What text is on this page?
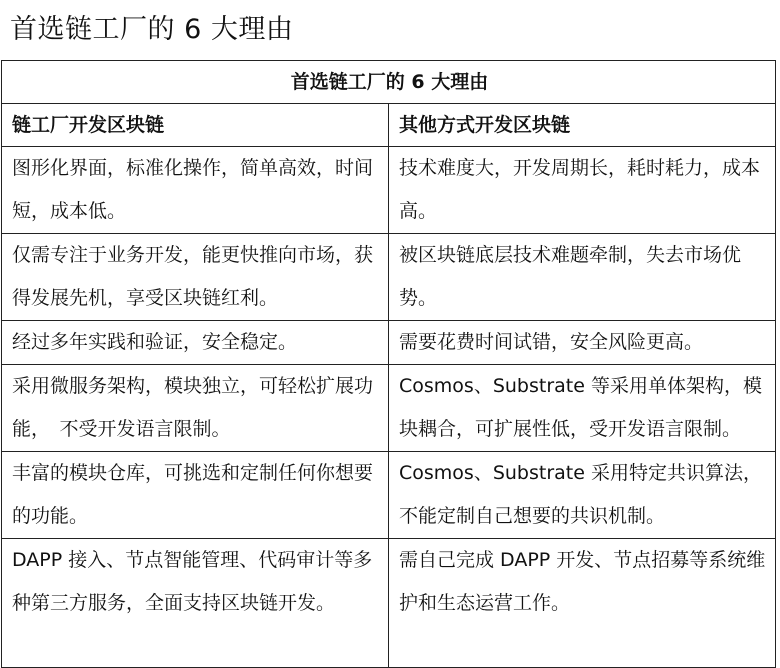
首选链工厂的 6 大理由
首选链工厂的 6 大理由	
链工厂开发区块链	其他方式开发区块链

图形化界面，标准化操作，简单高效，时间短，成本低。	技术难度大，开发周期长，耗时耗力，成本高。

仅需专注于业务开发，能更快推向市场，获得发展先机，享受区块链红利。	被区块链底层技术难题牵制，失去市场优势。

经过多年实践和验证，安全稳定。	需要花费时间试错，安全风险更高。

采用微服务架构，模块独立，可轻松扩展功能，　不受开发语言限制。	Cosmos、Substrate 等采用单体架构，模块耦合，可扩展性低，受开发语言限制。

丰富的模块仓库，可挑选和定制任何你想要的功能。	Cosmos、Substrate 采用特定共识算法，不能定制自己想要的共识机制。

DAPP 接入、节点智能管理、代码审计等多种第三方服务，全面支持区块链开发。	需自己完成 DAPP 开发、节点招募等系统维护和生态运营工作。
